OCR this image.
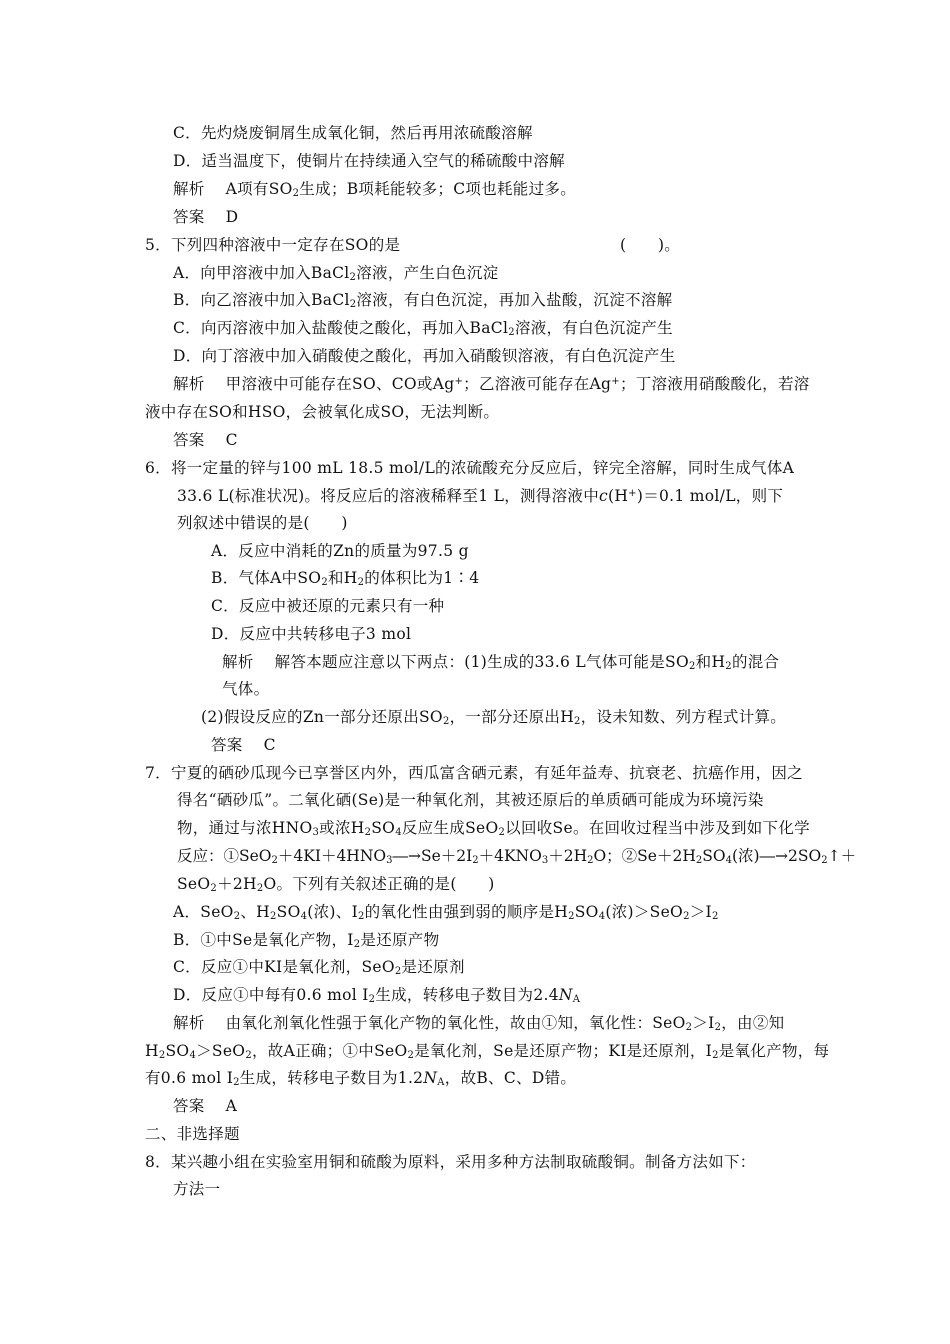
C．先灼烧废铜屑生成氧化铜，然后再用浓硫酸溶解
D．适当温度下，使铜片在持续通入空气的稀硫酸中溶解
解析　 A项有$SO_2$生成；B项耗能较多；C项也耗能过多。
答案　 D
5．下列四种溶液中一定存在SO的是	(　　)。
A．向甲溶液中加入BaCl$_2$溶液，产生白色沉淀
B．向乙溶液中加入BaCl$_2$溶液，有白色沉淀，再加入盐酸，沉淀不溶解
C．向丙溶液中加入盐酸使之酸化，再加入BaCl$_2$溶液，有白色沉淀产生
D．向丁溶液中加入硝酸使之酸化，再加入硝酸钡溶液，有白色沉淀产生
解析　 甲溶液中可能存在SO、CO或Ag+；乙溶液可能存在Ag+；丁溶液用硝酸酸化，若溶
液中存在SO和HSO，会被氧化成SO，无法判断。
答案　 C
6．将一定量的锌与100 mL 18.5 mol/L的浓硫酸充分反应后，锌完全溶解，同时生成气体A
33.6 L(标准状况)。将反应后的溶液稀释至1 L，测得溶液中c(H+)＝0.1 mol/L，则下
列叙述中错误的是(　　)
A．反应中消耗的Zn的质量为97.5 g
B．气体A中$SO_2$和$H_2$的体积比为1∶4
C．反应中被还原的元素只有一种
D．反应中共转移电子3 mol
解析　 解答本题应注意以下两点：(1)生成的33.6 L气体可能是$SO_2$和$H_2$的混合
气体。
(2)假设反应的Zn一部分还原出$SO_2$，一部分还原出$H_2$，设未知数、列方程式计算。
答案　 C
7．宁夏的硒砂瓜现今已享誉区内外，西瓜富含硒元素，有延年益寿、抗衰老、抗癌作用，因之
得名“硒砂瓜”。二氧化硒(Se)是一种氧化剂，其被还原后的单质硒可能成为环境污染
物，通过与浓$HNO_3$或浓$H_2SO_4$反应生成SeO$_2$以回收Se。在回收过程当中涉及到如下化学
反应：$①SeO_2+4KI+4HNO_3―\to Se+2I_2+4KNO_3+2H_2O$；$②Se+2H_2SO_4$(浓)$―\to 2SO_2↑+$
$SeO_2+2H_2O$。下列有关叙述正确的是(　　)
A．SeO$_2$、$H_2SO_4$(浓)、$I_2$的氧化性由强到弱的顺序是$H_2SO_4$(浓)$>SeO_2>I_2$
B．①中Se是氧化产物，$I_2$是还原产物
C．反应①中KI是氧化剂，SeO$_2$是还原剂
D．反应①中每有0.6 mol $I_2$生成，转移电子数目为$2.4N_A$
解析　 由氧化剂氧化性强于氧化产物的氧化性，故由①知，氧化性：$SeO_2>I_2$，由②知
$H_2SO_4>SeO_2$，故A正确；①中SeO$_2$是氧化剂，Se是还原产物；KI是还原剂，$I_2$是氧化产物，每
有0.6 mol $I_2$生成，转移电子数目为$1.2N_A$，故B、C、D错。
答案　 A
二、非选择题
8．某兴趣小组在实验室用铜和硫酸为原料，采用多种方法制取硫酸铜。制备方法如下：
方法一
